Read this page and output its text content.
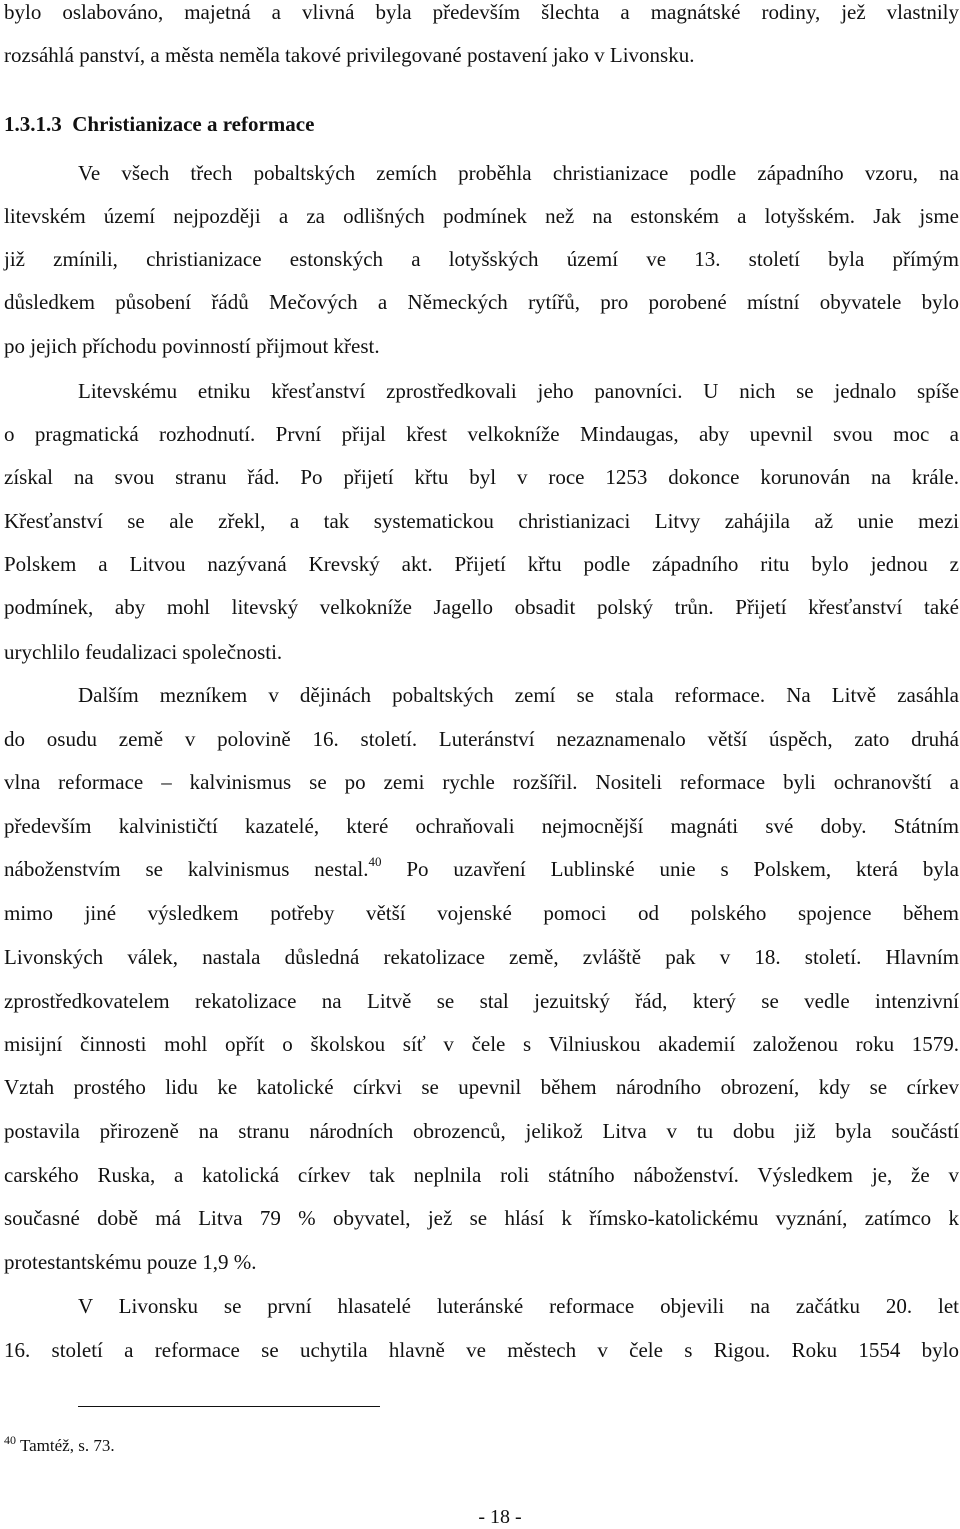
bylo oslabováno, majetná a vlivná byla především šlechta a magnátské rodiny, jež vlastnily
rozsáhlá panství, a města neměla takové privilegované postavení jako v Livonsku.
1.3.1.3  Christianizace a reformace
Ve všech třech pobaltských zemích proběhla christianizace podle západního vzoru, na
litevském území nejpozději a za odlišných podmínek než na estonském a lotyšském. Jak jsme
již zmínili, christianizace estonských a lotyšských území ve 13. století byla přímým
důsledkem působení řádů Mečových a Německých rytířů, pro porobené místní obyvatele bylo
po jejich příchodu povinností přijmout křest.
Litevskému etniku křesťanství zprostředkovali jeho panovníci. U nich se jednalo spíše
o pragmatická rozhodnutí. První přijal křest velkokníže Mindaugas, aby upevnil svou moc a
získal na svou stranu řád. Po přijetí křtu byl v roce 1253 dokonce korunován na krále.
Křesťanství se ale zřekl, a tak systematickou christianizaci Litvy zahájila až unie mezi
Polskem a Litvou nazývaná Krevský akt. Přijetí křtu podle západního ritu bylo jednou z
podmínek, aby mohl litevský velkokníže Jagello obsadit polský trůn. Přijetí křesťanství také
urychlilo feudalizaci společnosti.
Dalším mezníkem v dějinách pobaltských zemí se stala reformace. Na Litvě zasáhla
do osudu země v polovině 16. století. Luteránství nezaznamenalo větší úspěch, zato druhá
vlna reformace – kalvinismus se po zemi rychle rozšířil. Nositeli reformace byli ochranovští a
především kalvinističtí kazatelé, které ochraňovali nejmocnější magnáti své doby. Státním
náboženstvím se kalvinismus nestal.$^{40}$ Po uzavření Lublinské unie s Polskem, která byla
mimo jiné výsledkem potřeby větší vojenské pomoci od polského spojence během
Livonských válek, nastala důsledná rekatolizace země, zvláště pak v 18. století. Hlavním
zprostředkovatelem rekatolizace na Litvě se stal jezuitský řád, který se vedle intenzivní
misijní činnosti mohl opřít o školskou síť v čele s Vilniuskou akademií založenou roku 1579.
Vztah prostého lidu ke katolické církvi se upevnil během národního obrození, kdy se církev
postavila přirozeně na stranu národních obrozenců, jelikož Litva v tu dobu již byla součástí
carského Ruska, a katolická církev tak neplnila roli státního náboženství. Výsledkem je, že v
současné době má Litva 79 % obyvatel, jež se hlásí k římsko-katolickému vyznání, zatímco k
protestantskému pouze 1,9 %.
V Livonsku se první hlasatelé luteránské reformace objevili na začátku 20. let
16. století a reformace se uchytila hlavně ve městech v čele s Rigou. Roku 1554 bylo
$^{40}$ Tamtéž, s. 73.
- 18 -
